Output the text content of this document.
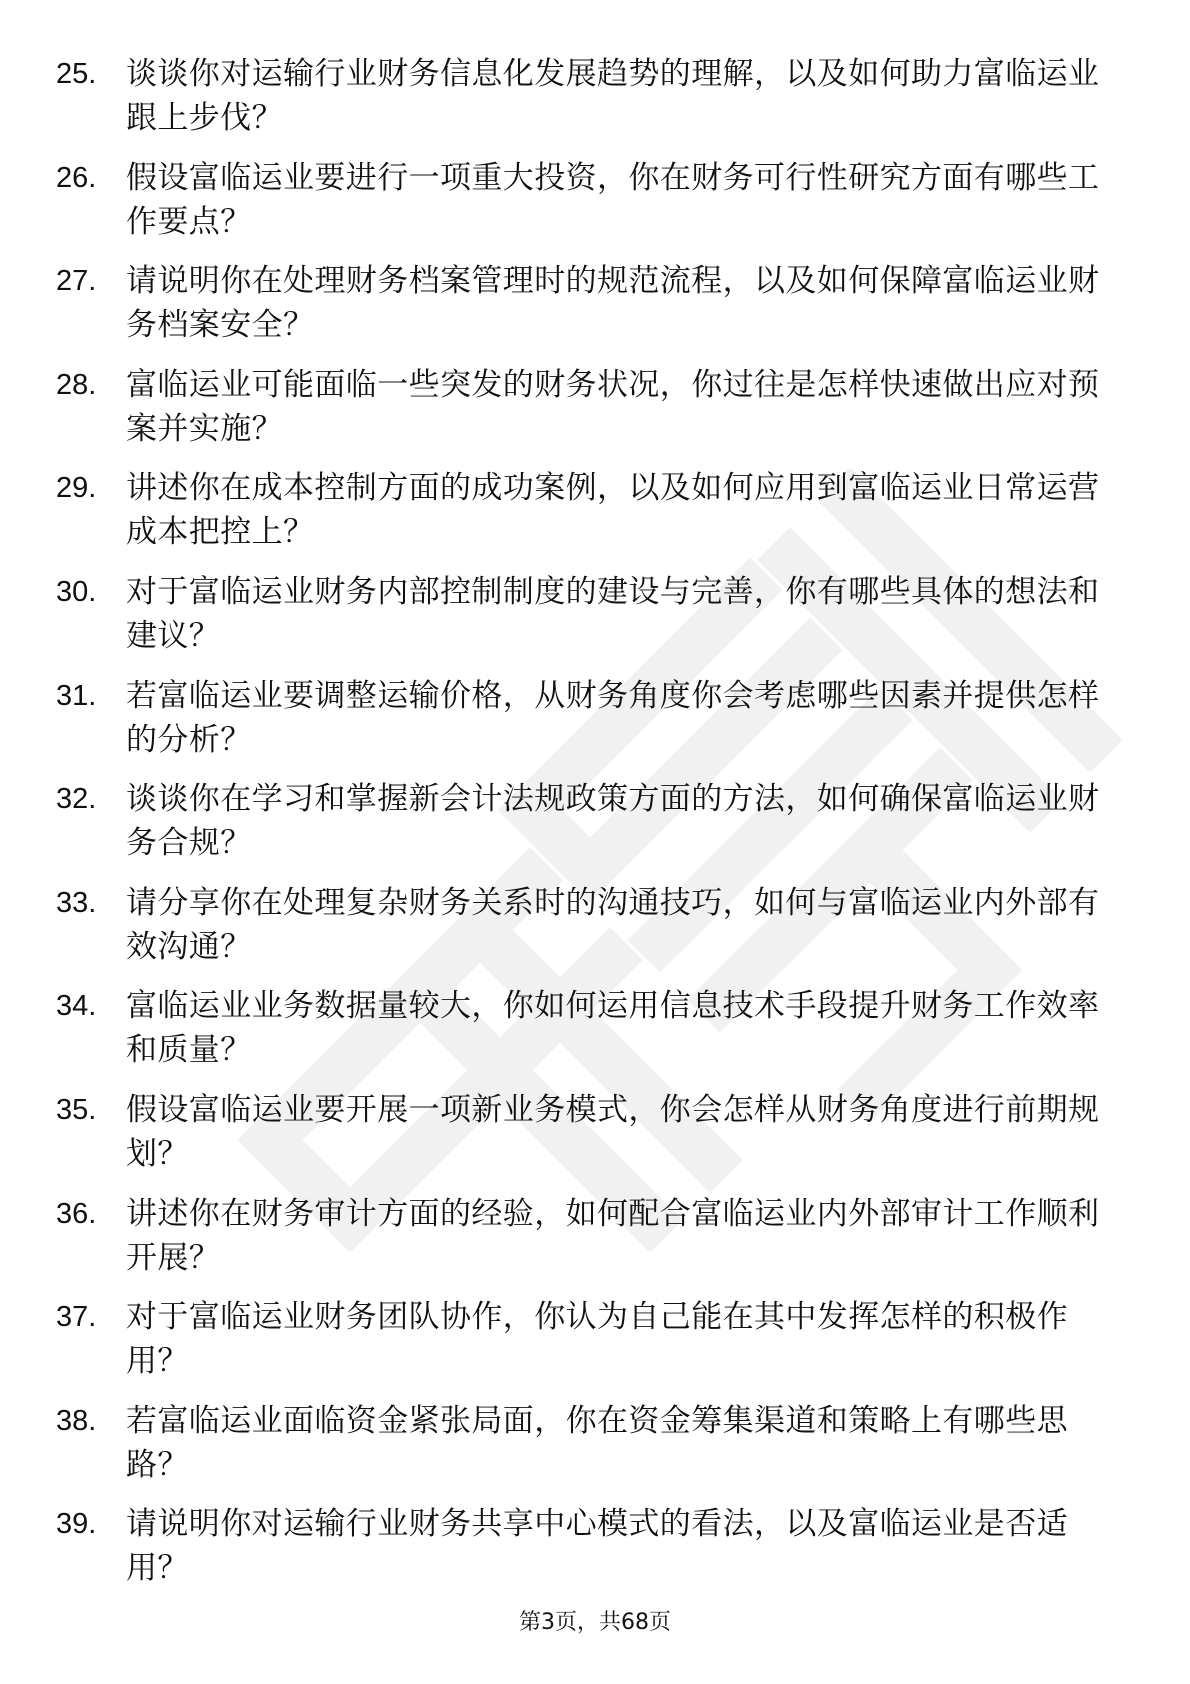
25. 谈谈你对运输行业财务信息化发展趋势的理解，以及如何助力富临运业跟上步伐？
26. 假设富临运业要进行一项重大投资，你在财务可行性研究方面有哪些工作要点？
27. 请说明你在处理财务档案管理时的规范流程，以及如何保障富临运业财务档案安全？
28. 富临运业可能面临一些突发的财务状况，你过往是怎样快速做出应对预案并实施？
29. 讲述你在成本控制方面的成功案例，以及如何应用到富临运业日常运营成本把控上？
30. 对于富临运业财务内部控制制度的建设与完善，你有哪些具体的想法和建议？
31. 若富临运业要调整运输价格，从财务角度你会考虑哪些因素并提供怎样的分析？
32. 谈谈你在学习和掌握新会计法规政策方面的方法，如何确保富临运业财务合规？
33. 请分享你在处理复杂财务关系时的沟通技巧，如何与富临运业内外部有效沟通？
34. 富临运业业务数据量较大，你如何运用信息技术手段提升财务工作效率和质量？
35. 假设富临运业要开展一项新业务模式，你会怎样从财务角度进行前期规划？
36. 讲述你在财务审计方面的经验，如何配合富临运业内外部审计工作顺利开展？
37. 对于富临运业财务团队协作，你认为自己能在其中发挥怎样的积极作用？
38. 若富临运业面临资金紧张局面，你在资金筹集渠道和策略上有哪些思路？
39. 请说明你对运输行业财务共享中心模式的看法，以及富临运业是否适用？
第3页，共68页
